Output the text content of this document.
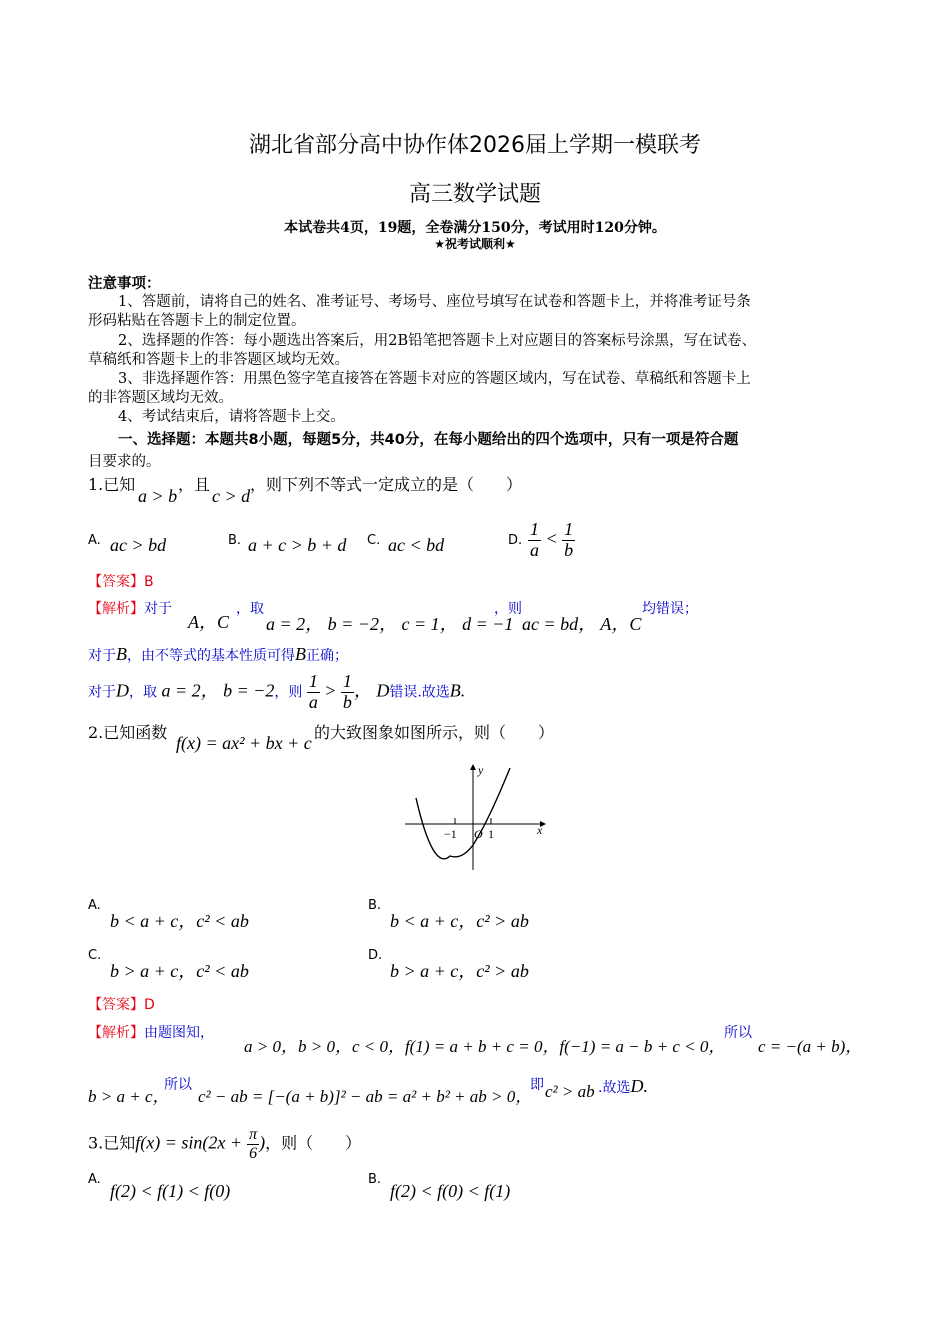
湖北省部分高中协作体2026届上学期一模联考
高三数学试题
本试卷共4页，19题，全卷满分150分，考试用时120分钟。
★祝考试顺利★
注意事项：
1、答题前，请将自己的姓名、准考证号、考场号、座位号填写在试卷和答题卡上，并将准考证号条
形码粘贴在答题卡上的制定位置。
2、选择题的作答：每小题选出答案后，用2B铅笔把答题卡上对应题目的答案标号涂黑，写在试卷、
草稿纸和答题卡上的非答题区域均无效。
3、非选择题作答：用黑色签字笔直接答在答题卡对应的答题区域内，写在试卷、草稿纸和答题卡上
的非答题区域均无效。
4、考试结束后，请将答题卡上交。
一、选择题：本题共8小题，每题5分，共40分，在每小题给出的四个选项中，只有一项是符合题
目要求的。
1.已知
a > b
，且
c > d
，则下列不等式一定成立的是（　　）
A. ac > bd	B. a + c > b + d C. ac < bd	D. $\frac{1}{a} < \frac{1}{b}$
【答案】B
【解析】对于
A，C
，取
a = 2， b = −2， c = 1， d = −1
，则
ac = bd， A，C
均错误；
对于B，由不等式的基本性质可得B正确；
对于D，取 a = 2， b = −2，则 $\frac{1}{a} > \frac{1}{b}$ ， D错误.故选B.
2.已知函数
f(x) = ax² + bx + c
的大致图象如图所示，则（　　）
y
x
−1 O 1
A.
b < a + c，c² < ab
B.
b < a + c，c² > ab
C.
b > a + c，c² < ab
D.
b > a + c，c² > ab
【答案】D
【解析】由题图知，
a > 0，b > 0，c < 0，f(1) = a + b + c = 0，f(−1) = a − b + c < 0，
所以
c = −(a + b)，
b > a + c，
所以
c² − ab = [−(a + b)]² − ab = a² + b² + ab > 0，
即 c² > ab .故选D.
3.已知$f(x) = \sin(2x + \frac{\pi}{6}$ )，则（　　）
A.
f(2) < f(1) < f(0)
B.
f(2) < f(0) < f(1)
